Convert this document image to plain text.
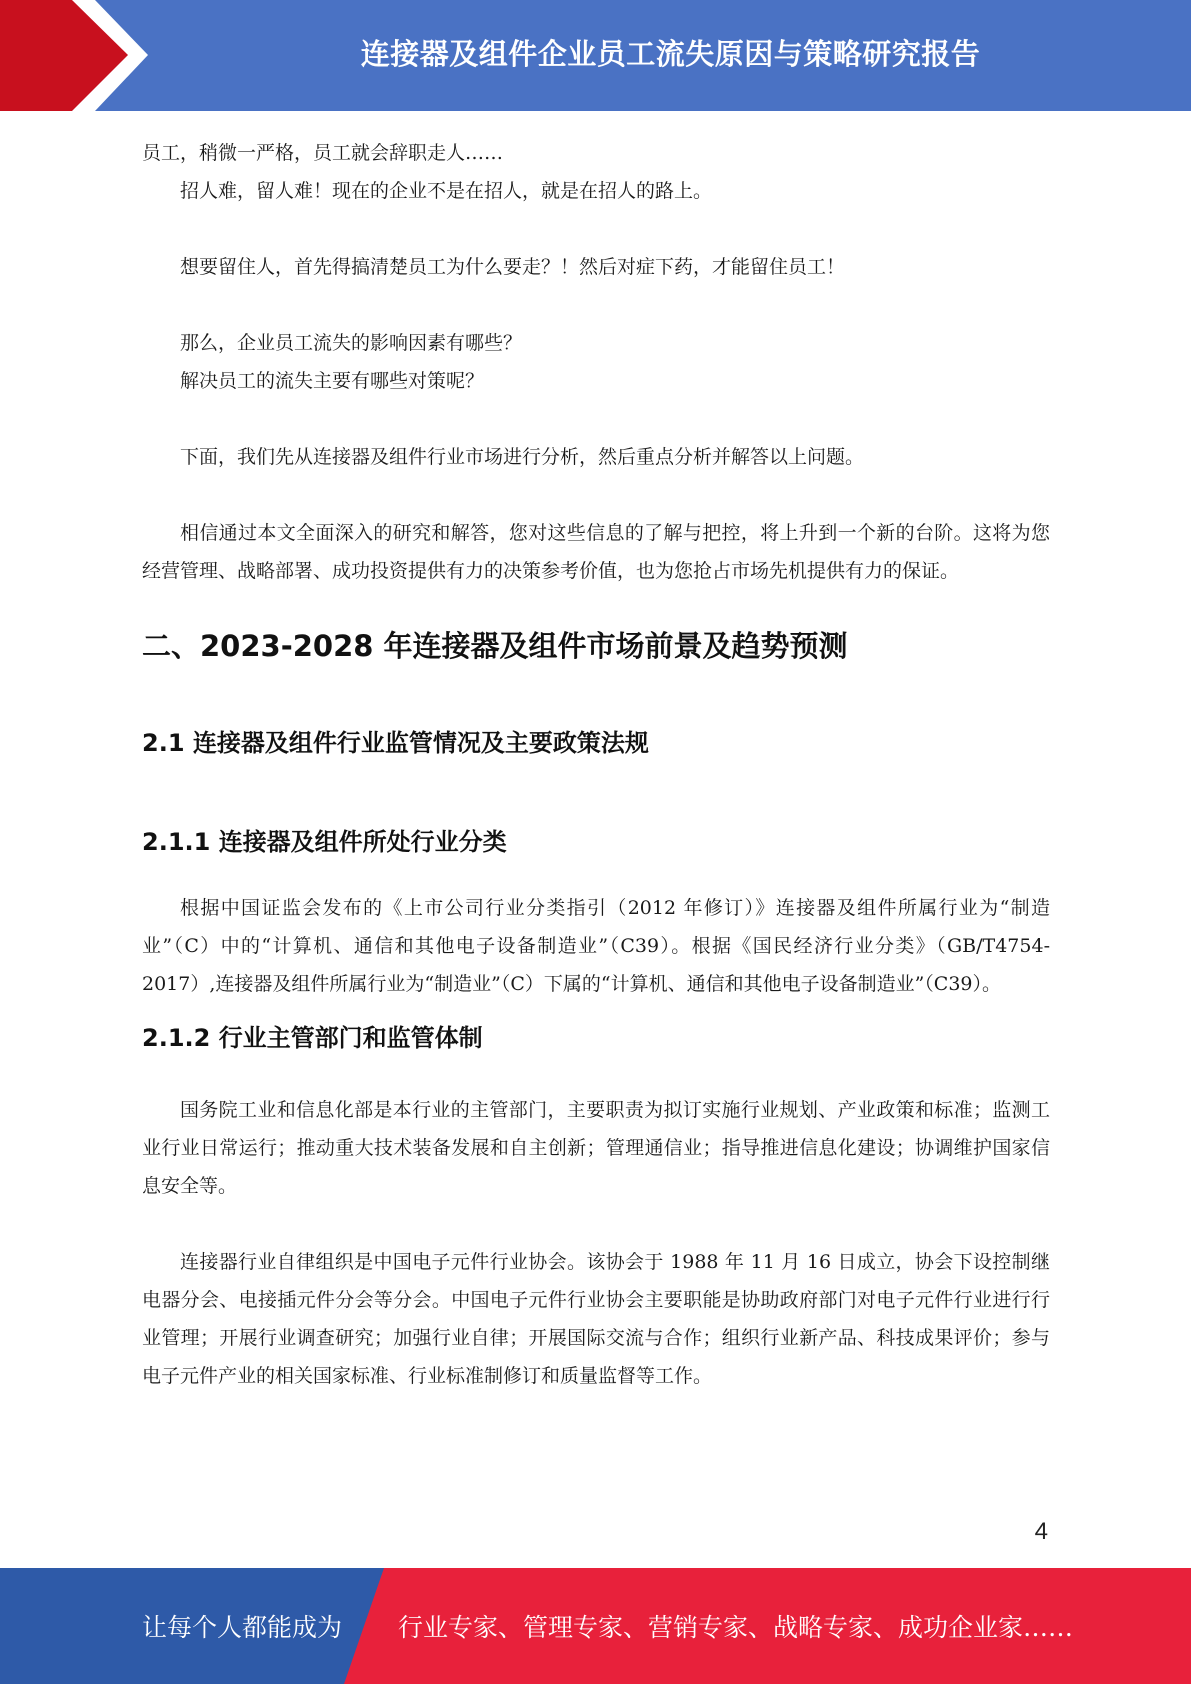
连接器及组件企业员工流失原因与策略研究报告

员工，稍微一严格，员工就会辞职走人……

招人难，留人难！现在的企业不是在招人，就是在招人的路上。

想要留住人，首先得搞清楚员工为什么要走？！然后对症下药，才能留住员工！

那么，企业员工流失的影响因素有哪些？

解决员工的流失主要有哪些对策呢？

下面，我们先从连接器及组件行业市场进行分析，然后重点分析并解答以上问题。

相信通过本文全面深入的研究和解答，您对这些信息的了解与把控，将上升到一个新的台阶。这将为您经营管理、战略部署、成功投资提供有力的决策参考价值，也为您抢占市场先机提供有力的保证。

二、2023-2028 年连接器及组件市场前景及趋势预测
2.1 连接器及组件行业监管情况及主要政策法规
2.1.1 连接器及组件所处行业分类

根据中国证监会发布的《上市公司行业分类指引（2012 年修订）》连接器及组件所属行业为“制造业”（C）中的“计算机、通信和其他电子设备制造业”（C39）。根据《国民经济行业分类》（GB/T4754-2017）,连接器及组件所属行业为“制造业”（C）下属的“计算机、通信和其他电子设备制造业”（C39）。

2.1.2 行业主管部门和监管体制

国务院工业和信息化部是本行业的主管部门，主要职责为拟订实施行业规划、产业政策和标准；监测工业行业日常运行；推动重大技术装备发展和自主创新；管理通信业；指导推进信息化建设；协调维护国家信息安全等。

连接器行业自律组织是中国电子元件行业协会。该协会于 1988 年 11 月 16 日成立，协会下设控制继电器分会、电接插元件分会等分会。中国电子元件行业协会主要职能是协助政府部门对电子元件行业进行行业管理；开展行业调查研究；加强行业自律；开展国际交流与合作；组织行业新产品、科技成果评价；参与电子元件产业的相关国家标准、行业标准制修订和质量监督等工作。

4
让每个人都能成为 行业专家、管理专家、营销专家、战略专家、成功企业家……
